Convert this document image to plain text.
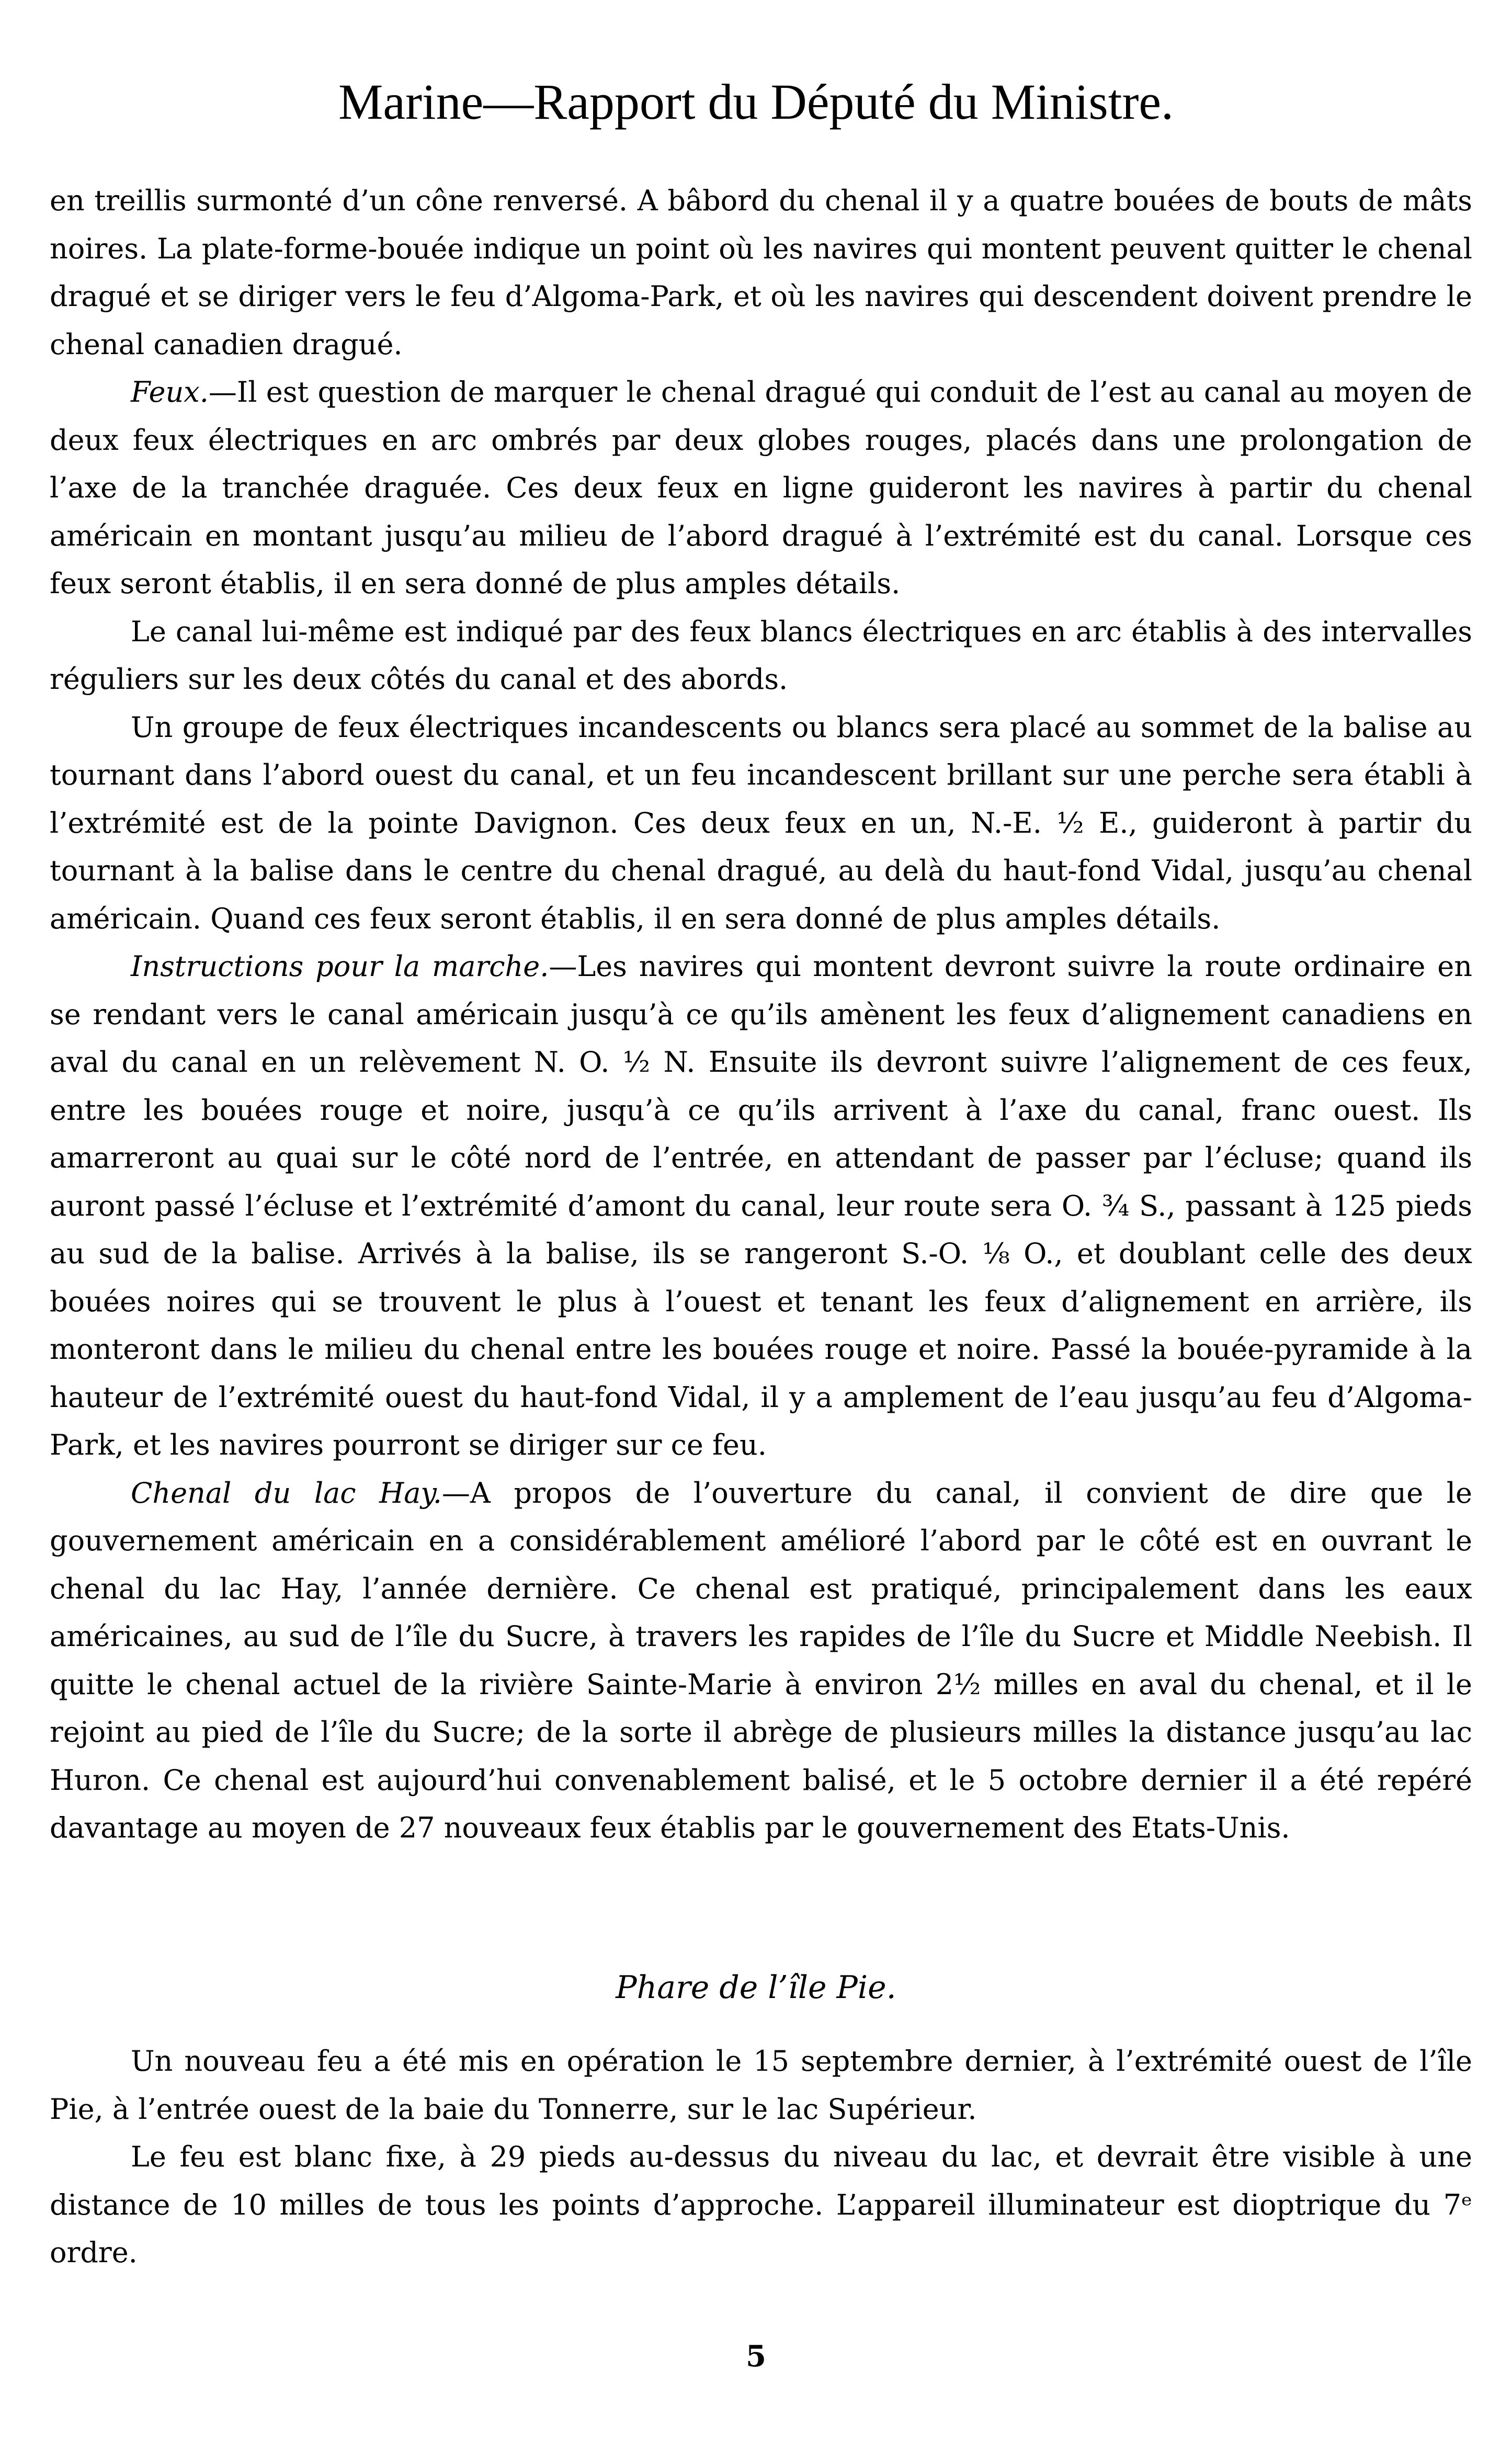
Marine—Rapport du Député du Ministre.

en treillis surmonté d’un cône renversé. A bâbord du chenal il y a quatre bouées de bouts de mâts noires. La plate-forme-bouée indique un point où les navires qui montent peuvent quitter le chenal dragué et se diriger vers le feu d’Algoma-Park, et où les navires qui descendent doivent prendre le chenal canadien dragué.

Feux.—Il est question de marquer le chenal dragué qui conduit de l’est au canal au moyen de deux feux électriques en arc ombrés par deux globes rouges, placés dans une prolongation de l’axe de la tranchée draguée. Ces deux feux en ligne guideront les navires à partir du chenal américain en montant jusqu’au milieu de l’abord dragué à l’extrémité est du canal. Lorsque ces feux seront établis, il en sera donné de plus amples détails.

Le canal lui-même est indiqué par des feux blancs électriques en arc établis à des intervalles réguliers sur les deux côtés du canal et des abords.

Un groupe de feux électriques incandescents ou blancs sera placé au sommet de la balise au tournant dans l’abord ouest du canal, et un feu incandescent brillant sur une perche sera établi à l’extrémité est de la pointe Davignon. Ces deux feux en un, N.-E. ½ E., guideront à partir du tournant à la balise dans le centre du chenal dragué, au delà du haut-fond Vidal, jusqu’au chenal américain. Quand ces feux seront établis, il en sera donné de plus amples détails.

Instructions pour la marche.—Les navires qui montent devront suivre la route ordinaire en se rendant vers le canal américain jusqu’à ce qu’ils amènent les feux d’alignement canadiens en aval du canal en un relèvement N. O. ½ N. Ensuite ils devront suivre l’alignement de ces feux, entre les bouées rouge et noire, jusqu’à ce qu’ils arrivent à l’axe du canal, franc ouest. Ils amarreront au quai sur le côté nord de l’entrée, en attendant de passer par l’écluse; quand ils auront passé l’écluse et l’extrémité d’amont du canal, leur route sera O. ¾ S., passant à 125 pieds au sud de la balise. Arrivés à la balise, ils se rangeront S.-O. ⅛ O., et doublant celle des deux bouées noires qui se trouvent le plus à l’ouest et tenant les feux d’alignement en arrière, ils monteront dans le milieu du chenal entre les bouées rouge et noire. Passé la bouée-pyramide à la hauteur de l’extrémité ouest du haut-fond Vidal, il y a amplement de l’eau jusqu’au feu d’Algoma-Park, et les navires pourront se diriger sur ce feu.

Chenal du lac Hay.—A propos de l’ouverture du canal, il convient de dire que le gouvernement américain en a considérablement amélioré l’abord par le côté est en ouvrant le chenal du lac Hay, l’année dernière. Ce chenal est pratiqué, principalement dans les eaux américaines, au sud de l’île du Sucre, à travers les rapides de l’île du Sucre et Middle Neebish. Il quitte le chenal actuel de la rivière Sainte-Marie à environ 2½ milles en aval du chenal, et il le rejoint au pied de l’île du Sucre; de la sorte il abrège de plusieurs milles la distance jusqu’au lac Huron. Ce chenal est aujourd’hui convenablement balisé, et le 5 octobre dernier il a été repéré davantage au moyen de 27 nouveaux feux établis par le gouvernement des Etats-Unis.

Phare de l’île Pie.

Un nouveau feu a été mis en opération le 15 septembre dernier, à l’extrémité ouest de l’île Pie, à l’entrée ouest de la baie du Tonnerre, sur le lac Supérieur.

Le feu est blanc fixe, à 29 pieds au-dessus du niveau du lac, et devrait être visible à une distance de 10 milles de tous les points d’approche. L’appareil illuminateur est dioptrique du 7ᵉ ordre.

5
